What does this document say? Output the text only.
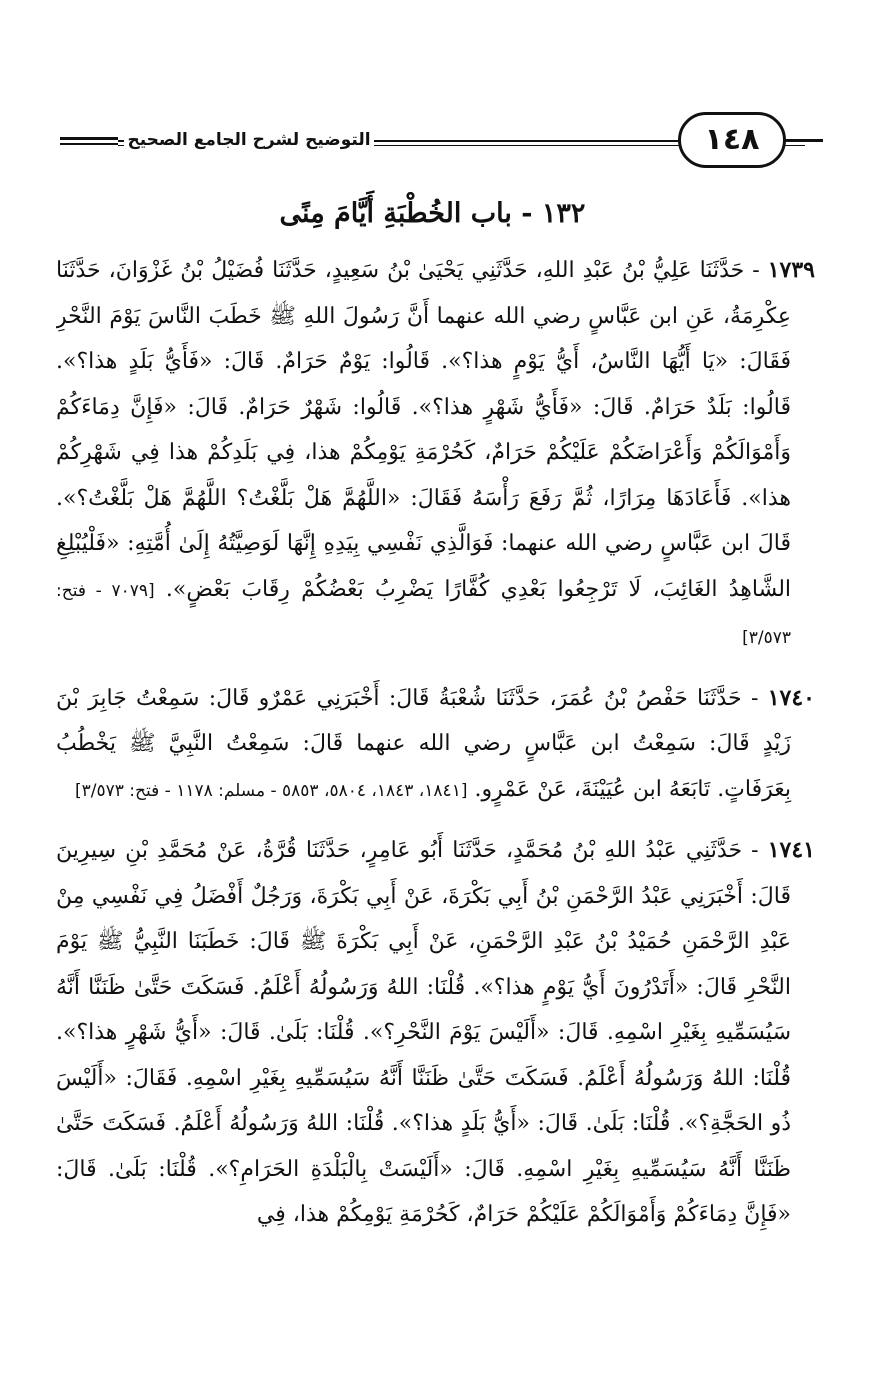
التوضيح لشرح الجامع الصحيح	١٤٨
١٣٢ - باب الخُطْبَةِ أَيَّامَ مِنًى

١٧٣٩ - حَدَّثَنَا عَلِيُّ بْنُ عَبْدِ اللهِ، حَدَّثَنِي يَحْيَىٰ بْنُ سَعِيدٍ، حَدَّثَنَا فُضَيْلُ بْنُ غَزْوَانَ، حَدَّثَنَا عِكْرِمَةُ، عَنِ ابن عَبَّاسٍ رضي الله عنهما أَنَّ رَسُولَ اللهِ ﷺ خَطَبَ النَّاسَ يَوْمَ النَّحْرِ فَقَالَ: «يَا أَيُّهَا النَّاسُ، أَيُّ يَوْمٍ هذا؟». قَالُوا: يَوْمٌ حَرَامٌ. قَالَ: «فَأَيُّ بَلَدٍ هذا؟». قَالُوا: بَلَدٌ حَرَامٌ. قَالَ: «فَأَيُّ شَهْرٍ هذا؟». قَالُوا: شَهْرٌ حَرَامٌ. قَالَ: «فَإِنَّ دِمَاءَكُمْ وَأَمْوَالَكُمْ وَأَعْرَاضَكُمْ عَلَيْكُمْ حَرَامٌ، كَحُرْمَةِ يَوْمِكُمْ هذا، فِي بَلَدِكُمْ هذا فِي شَهْرِكُمْ هذا». فَأَعَادَهَا مِرَارًا، ثُمَّ رَفَعَ رَأْسَهُ فَقَالَ: «اللَّهُمَّ هَلْ بَلَّغْتُ؟ اللَّهُمَّ هَلْ بَلَّغْتُ؟». قَالَ ابن عَبَّاسٍ رضي الله عنهما: فَوَالَّذِي نَفْسِي بِيَدِهِ إِنَّهَا لَوَصِيَّتُهُ إِلَىٰ أُمَّتِهِ: «فَلْيُبْلِغِ الشَّاهِدُ الغَائِبَ، لَا تَرْجِعُوا بَعْدِي كُفَّارًا يَضْرِبُ بَعْضُكُمْ رِقَابَ بَعْضٍ». [٧٠٧٩ - فتح: ٣/٥٧٣]

١٧٤٠ - حَدَّثَنَا حَفْصُ بْنُ عُمَرَ، حَدَّثَنَا شُعْبَةُ قَالَ: أَخْبَرَنِي عَمْرٌو قَالَ: سَمِعْتُ جَابِرَ بْنَ زَيْدٍ قَالَ: سَمِعْتُ ابن عَبَّاسٍ رضي الله عنهما قَالَ: سَمِعْتُ النَّبِيَّ ﷺ يَخْطُبُ بِعَرَفَاتٍ. تَابَعَهُ ابن عُيَيْنَةَ، عَنْ عَمْرٍو. [١٨٤١، ١٨٤٣، ٥٨٠٤، ٥٨٥٣ - مسلم: ١١٧٨ - فتح: ٣/٥٧٣]

١٧٤١ - حَدَّثَنِي عَبْدُ اللهِ بْنُ مُحَمَّدٍ، حَدَّثَنَا أَبُو عَامِرٍ، حَدَّثَنَا قُرَّةُ، عَنْ مُحَمَّدِ بْنِ سِيرِينَ قَالَ: أَخْبَرَنِي عَبْدُ الرَّحْمَنِ بْنُ أَبِي بَكْرَةَ، عَنْ أَبِي بَكْرَةَ، وَرَجُلٌ أَفْضَلُ فِي نَفْسِي مِنْ عَبْدِ الرَّحْمَنِ حُمَيْدُ بْنُ عَبْدِ الرَّحْمَنِ، عَنْ أَبِي بَكْرَةَ ﷺ قَالَ: خَطَبَنَا النَّبِيُّ ﷺ يَوْمَ النَّحْرِ قَالَ: «أَتَدْرُونَ أَيُّ يَوْمٍ هذا؟». قُلْنَا: اللهُ وَرَسُولُهُ أَعْلَمُ. فَسَكَتَ حَتَّىٰ ظَنَنَّا أَنَّهُ سَيُسَمِّيهِ بِغَيْرِ اسْمِهِ. قَالَ: «أَلَيْسَ يَوْمَ النَّحْرِ؟». قُلْنَا: بَلَىٰ. قَالَ: «أَيُّ شَهْرٍ هذا؟». قُلْنَا: اللهُ وَرَسُولُهُ أَعْلَمُ. فَسَكَتَ حَتَّىٰ ظَنَنَّا أَنَّهُ سَيُسَمِّيهِ بِغَيْرِ اسْمِهِ. فَقَالَ: «أَلَيْسَ ذُو الحَجَّةِ؟». قُلْنَا: بَلَىٰ. قَالَ: «أَيُّ بَلَدٍ هذا؟». قُلْنَا: اللهُ وَرَسُولُهُ أَعْلَمُ. فَسَكَتَ حَتَّىٰ ظَنَنَّا أَنَّهُ سَيُسَمِّيهِ بِغَيْرِ اسْمِهِ. قَالَ: «أَلَيْسَتْ بِالْبَلْدَةِ الحَرَامِ؟». قُلْنَا: بَلَىٰ. قَالَ: «فَإِنَّ دِمَاءَكُمْ وَأَمْوَالَكُمْ عَلَيْكُمْ حَرَامٌ، كَحُرْمَةِ يَوْمِكُمْ هذا، فِي
